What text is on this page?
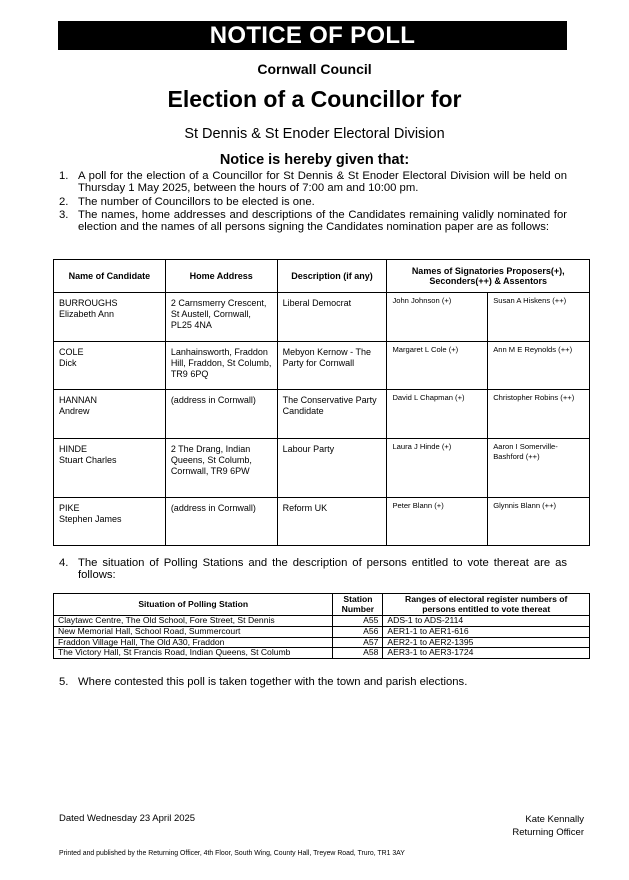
NOTICE OF POLL
Cornwall Council
Election of a Councillor for
St Dennis & St Enoder Electoral Division
Notice is hereby given that:
1. A poll for the election of a Councillor for St Dennis & St Enoder Electoral Division will be held on Thursday 1 May 2025, between the hours of 7:00 am and 10:00 pm.
2. The number of Councillors to be elected is one.
3. The names, home addresses and descriptions of the Candidates remaining validly nominated for election and the names of all persons signing the Candidates nomination paper are as follows:
Name of Candidate	Home Address	Description (if any)	Names of Signatories Proposers(+), Seconders(++) & Assentors	

BURROUGHS
Elizabeth Ann	2 Carnsmerry Crescent, St Austell, Cornwall, PL25 4NA	Liberal Democrat	John Johnson (+)	Susan A Hiskens (++)

COLE
Dick	Lanhainsworth, Fraddon Hill, Fraddon, St Columb, TR9 6PQ	Mebyon Kernow - The Party for Cornwall	Margaret L Cole (+)	Ann M E Reynolds (++)

HANNAN
Andrew	(address in Cornwall)	The Conservative Party Candidate	David L Chapman (+)	Christopher Robins (++)

HINDE
Stuart Charles	2 The Drang, Indian Queens, St Columb, Cornwall, TR9 6PW	Labour Party	Laura J Hinde (+)	Aaron I Somerville-Bashford (++)

PIKE
Stephen James	(address in Cornwall)	Reform UK	Peter Blann (+)	Glynnis Blann (++)
4. The situation of Polling Stations and the description of persons entitled to vote thereat are as follows:
Situation of Polling Station	Station Number	Ranges of electoral register numbers of persons entitled to vote thereat
Claytawc Centre, The Old School, Fore Street, St Dennis	A55	ADS-1 to ADS-2114
New Memorial Hall, School Road, Summercourt	A56	AER1-1 to AER1-616
Fraddon Village Hall, The Old A30, Fraddon	A57	AER2-1 to AER2-1395
The Victory Hall, St Francis Road, Indian Queens, St Columb	A58	AER3-1 to AER3-1724
5. Where contested this poll is taken together with the town and parish elections.
Dated Wednesday 23 April 2025	Kate Kennally
Returning Officer
Printed and published by the Returning Officer, 4th Floor, South Wing, County Hall, Treyew Road, Truro, TR1 3AY
